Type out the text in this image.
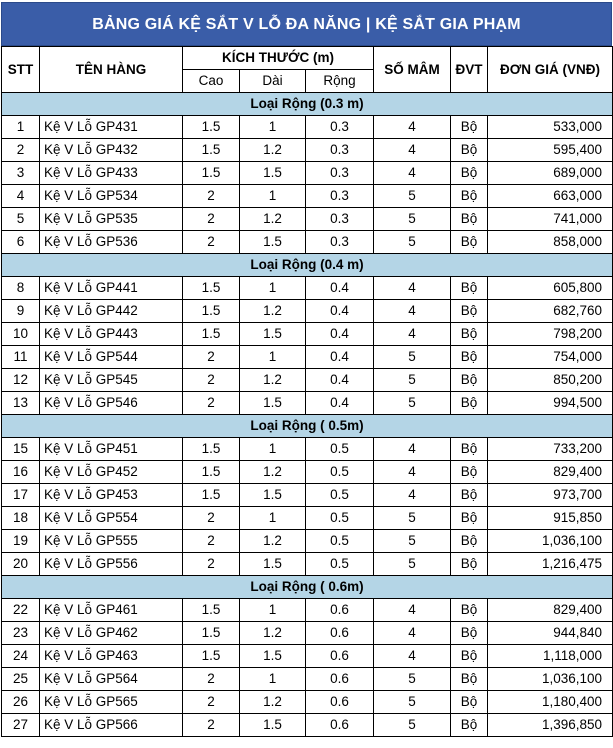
BẢNG GIÁ KỆ SẮT V LỖ ĐA NĂNG | KỆ SẮT GIA PHẠM
STT	TÊN HÀNG	KÍCH THƯỚC (m)			SỐ MÂM	ĐVT	ĐƠN GIÁ (VNĐ)
		Cao	Dài	Rộng			
Loại Rộng (0.3 m)							
1	Kệ V Lỗ GP431	1.5	1	0.3	4	Bộ	533,000
2	Kệ V Lỗ GP432	1.5	1.2	0.3	4	Bộ	595,400
3	Kệ V Lỗ GP433	1.5	1.5	0.3	4	Bộ	689,000
4	Kệ V Lỗ GP534	2	1	0.3	5	Bộ	663,000
5	Kệ V Lỗ GP535	2	1.2	0.3	5	Bộ	741,000
6	Kệ V Lỗ GP536	2	1.5	0.3	5	Bộ	858,000
Loại Rộng (0.4 m)							
8	Kệ V Lỗ GP441	1.5	1	0.4	4	Bộ	605,800
9	Kệ V Lỗ GP442	1.5	1.2	0.4	4	Bộ	682,760
10	Kệ V Lỗ GP443	1.5	1.5	0.4	4	Bộ	798,200
11	Kệ V Lỗ GP544	2	1	0.4	5	Bộ	754,000
12	Kệ V Lỗ GP545	2	1.2	0.4	5	Bộ	850,200
13	Kệ V Lỗ GP546	2	1.5	0.4	5	Bộ	994,500
Loại Rộng ( 0.5m)							
15	Kệ V Lỗ GP451	1.5	1	0.5	4	Bộ	733,200
16	Kệ V Lỗ GP452	1.5	1.2	0.5	4	Bộ	829,400
17	Kệ V Lỗ GP453	1.5	1.5	0.5	4	Bộ	973,700
18	Kệ V Lỗ GP554	2	1	0.5	5	Bộ	915,850
19	Kệ V Lỗ GP555	2	1.2	0.5	5	Bộ	1,036,100
20	Kệ V Lỗ GP556	2	1.5	0.5	5	Bộ	1,216,475
Loại Rộng ( 0.6m)							
22	Kệ V Lỗ GP461	1.5	1	0.6	4	Bộ	829,400
23	Kệ V Lỗ GP462	1.5	1.2	0.6	4	Bộ	944,840
24	Kệ V Lỗ GP463	1.5	1.5	0.6	4	Bộ	1,118,000
25	Kệ V Lỗ GP564	2	1	0.6	5	Bộ	1,036,100
26	Kệ V Lỗ GP565	2	1.2	0.6	5	Bộ	1,180,400
27	Kệ V Lỗ GP566	2	1.5	0.6	5	Bộ	1,396,850
